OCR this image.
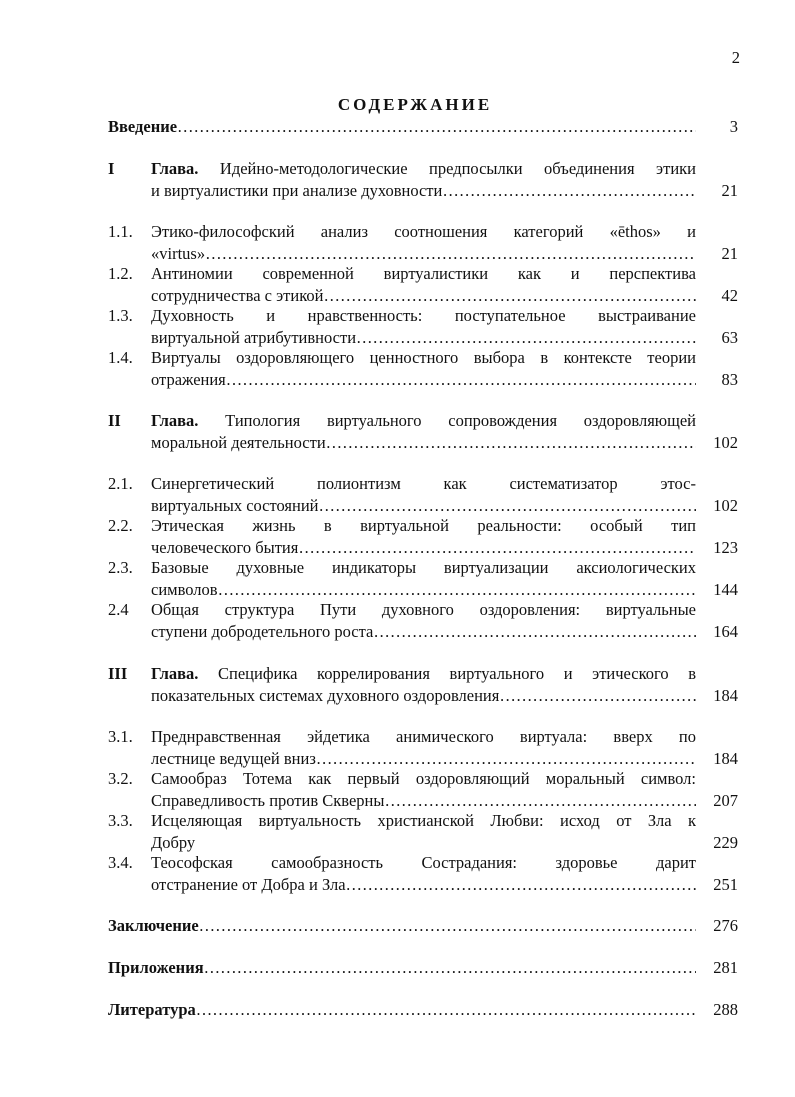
2
СОДЕРЖАНИЕ
Введение …………………………………………………………………………………………………………………………………………………………	3
I Глава. Идейно-методологические предпосылки объединения этики
и виртуалистики при анализе духовности …………………………………………………………………………………………………………………………………………………………	21
1.1. Этико-философский анализ соотношения категорий «ēthos» и
«virtus» …………………………………………………………………………………………………………………………………………………………	21
1.2. Антиномии современной виртуалистики как и перспектива
сотрудничества с этикой …………………………………………………………………………………………………………………………………………………………	42
1.3. Духовность и нравственность: поступательное выстраивание
виртуальной атрибутивности …………………………………………………………………………………………………………………………………………………………	63
1.4. Виртуалы оздоровляющего ценностного выбора в контексте теории
отражения …………………………………………………………………………………………………………………………………………………………	83
II Глава. Типология виртуального сопровождения оздоровляющей
моральной деятельности …………………………………………………………………………………………………………………………………………………………	102
2.1. Синергетический полионтизм как систематизатор этос-
виртуальных состояний …………………………………………………………………………………………………………………………………………………………	102
2.2. Этическая жизнь в виртуальной реальности: особый тип
человеческого бытия …………………………………………………………………………………………………………………………………………………………	123
2.3. Базовые духовные индикаторы виртуализации аксиологических
символов …………………………………………………………………………………………………………………………………………………………	144
2.4 Общая структура Пути духовного оздоровления: виртуальные
ступени добродетельного роста …………………………………………………………………………………………………………………………………………………………	164
III Глава. Специфика коррелирования виртуального и этического в
показательных системах духовного оздоровления …………………………………………………………………………………………………………………………………………………………	184
3.1. Преднравственная эйдетика анимического виртуала: вверх по
лестнице ведущей вниз …………………………………………………………………………………………………………………………………………………………	184
3.2. Самообраз Тотема как первый оздоровляющий моральный символ:
Справедливость против Скверны …………………………………………………………………………………………………………………………………………………………	207
3.3. Исцеляющая виртуальность христианской Любви: исход от Зла к
Добру	229
3.4. Теософская самообразность Сострадания: здоровье дарит
отстранение от Добра и Зла …………………………………………………………………………………………………………………………………………………………	251
Заключение …………………………………………………………………………………………………………………………………………………………	276
Приложения …………………………………………………………………………………………………………………………………………………………	281
Литература …………………………………………………………………………………………………………………………………………………………	288
